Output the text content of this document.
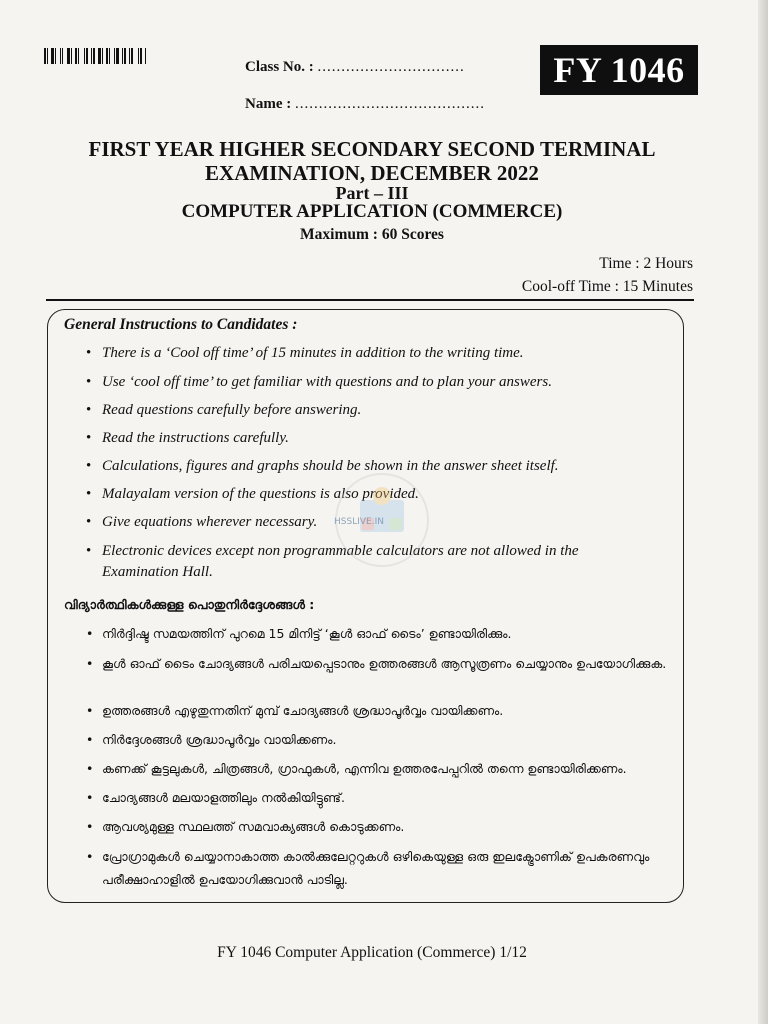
Class No. : ...............................
Name : ........................................
FY 1046
FIRST YEAR HIGHER SECONDARY SECOND TERMINAL
EXAMINATION, DECEMBER 2022
Part – III
COMPUTER APPLICATION (COMMERCE)
Maximum : 60 Scores
Time : 2 Hours
Cool-off Time : 15 Minutes
General Instructions to Candidates :
• There is a ‘Cool off time’ of 15 minutes in addition to the writing time.
• Use ‘cool off time’ to get familiar with questions and to plan your answers.
• Read questions carefully before answering.
• Read the instructions carefully.
• Calculations, figures and graphs should be shown in the answer sheet itself.
• Malayalam version of the questions is also provided.
• Give equations wherever necessary.
• Electronic devices except non programmable calculators are not allowed in the Examination Hall.
HSSLIVE.IN
വിദ്യാർത്ഥികൾക്കുള്ള പൊതുനിർദ്ദേശങ്ങൾ :
• നിർദ്ദിഷ്ട സമയത്തിന് പുറമെ 15 മിനിട്ട് ‘കൂൾ ഓഫ് ടൈം’ ഉണ്ടായിരിക്കും.
• കൂൾ ഓഫ് ടൈം ചോദ്യങ്ങൾ പരിചയപ്പെടാനും ഉത്തരങ്ങൾ ആസൂത്രണം ചെയ്യാനും ഉപയോഗിക്കുക.
• ഉത്തരങ്ങൾ എഴുതുന്നതിന് മുമ്പ് ചോദ്യങ്ങൾ ശ്രദ്ധാപൂർവ്വം വായിക്കണം.
• നിർദ്ദേശങ്ങൾ ശ്രദ്ധാപൂർവ്വം വായിക്കണം.
• കണക്ക് കൂട്ടലുകൾ, ചിത്രങ്ങൾ, ഗ്രാഫുകൾ, എന്നിവ ഉത്തരപേപ്പറിൽ തന്നെ ഉണ്ടായിരിക്കണം.
• ചോദ്യങ്ങൾ മലയാളത്തിലും നൽകിയിട്ടുണ്ട്.
• ആവശ്യമുള്ള സ്ഥലത്ത് സമവാക്യങ്ങൾ കൊടുക്കണം.
• പ്രോഗ്രാമുകൾ ചെയ്യാനാകാത്ത കാൽക്കുലേറ്ററുകൾ ഒഴികെയുള്ള ഒരു ഇലക്ട്രോണിക് ഉപകരണവും പരീക്ഷാഹാളിൽ ഉപയോഗിക്കുവാൻ പാടില്ല.
FY 1046 Computer Application (Commerce) 1/12
